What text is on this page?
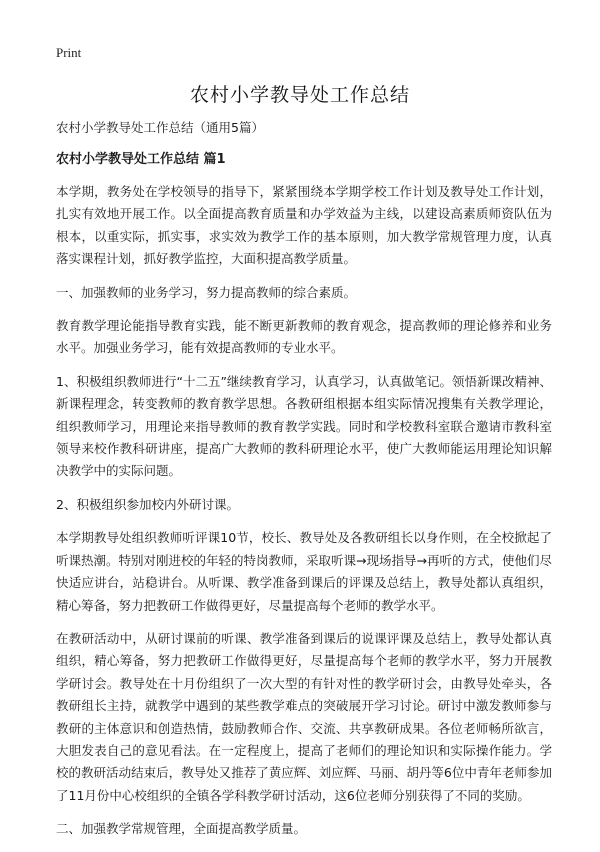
Print
农村小学教导处工作总结

农村小学教导处工作总结（通用5篇）

农村小学教导处工作总结 篇1

本学期，教务处在学校领导的指导下，紧紧围绕本学期学校工作计划及教导处工作计划，扎实有效地开展工作。以全面提高教育质量和办学效益为主线，以建设高素质师资队伍为根本，以重实际，抓实事，求实效为教学工作的基本原则，加大教学常规管理力度，认真落实课程计划，抓好教学监控，大面积提高教学质量。

一、加强教师的业务学习，努力提高教师的综合素质。

教育教学理论能指导教育实践，能不断更新教师的教育观念，提高教师的理论修养和业务水平。加强业务学习，能有效提高教师的专业水平。

1、积极组织教师进行“十二五”继续教育学习，认真学习，认真做笔记。领悟新课改精神、新课程理念，转变教师的教育教学思想。各教研组根据本组实际情况搜集有关教学理论，组织教师学习，用理论来指导教师的教育教学实践。同时和学校教科室联合邀请市教科室领导来校作教科研讲座，提高广大教师的教科研理论水平，使广大教师能运用理论知识解决教学中的实际问题。

2、积极组织参加校内外研讨课。

本学期教导处组织教师听评课10节，校长、教导处及各教研组长以身作则，在全校掀起了听课热潮。特别对刚进校的年轻的特岗教师，采取听课→现场指导→再听的方式，使他们尽快适应讲台，站稳讲台。从听课、教学准备到课后的评课及总结上，教导处都认真组织，精心筹备，努力把教研工作做得更好，尽量提高每个老师的教学水平。

在教研活动中，从研讨课前的听课、教学准备到课后的说课评课及总结上，教导处都认真组织，精心筹备，努力把教研工作做得更好，尽量提高每个老师的教学水平，努力开展教学研讨会。教导处在十月份组织了一次大型的有针对性的教学研讨会，由教导处牵头，各教研组长主持，就教学中遇到的某些教学难点的突破展开学习讨论。研讨中激发教师参与教研的主体意识和创造热情，鼓励教师合作、交流、共享教研成果。各位老师畅所欲言，大胆发表自己的意见看法。在一定程度上，提高了老师们的理论知识和实际操作能力。学校的教研活动结束后，教导处又推荐了黄应辉、刘应辉、马丽、胡丹等6位中青年老师参加了11月份中心校组织的全镇各学科教学研讨活动，这6位老师分别获得了不同的奖励。

二、加强教学常规管理，全面提高教学质量。
